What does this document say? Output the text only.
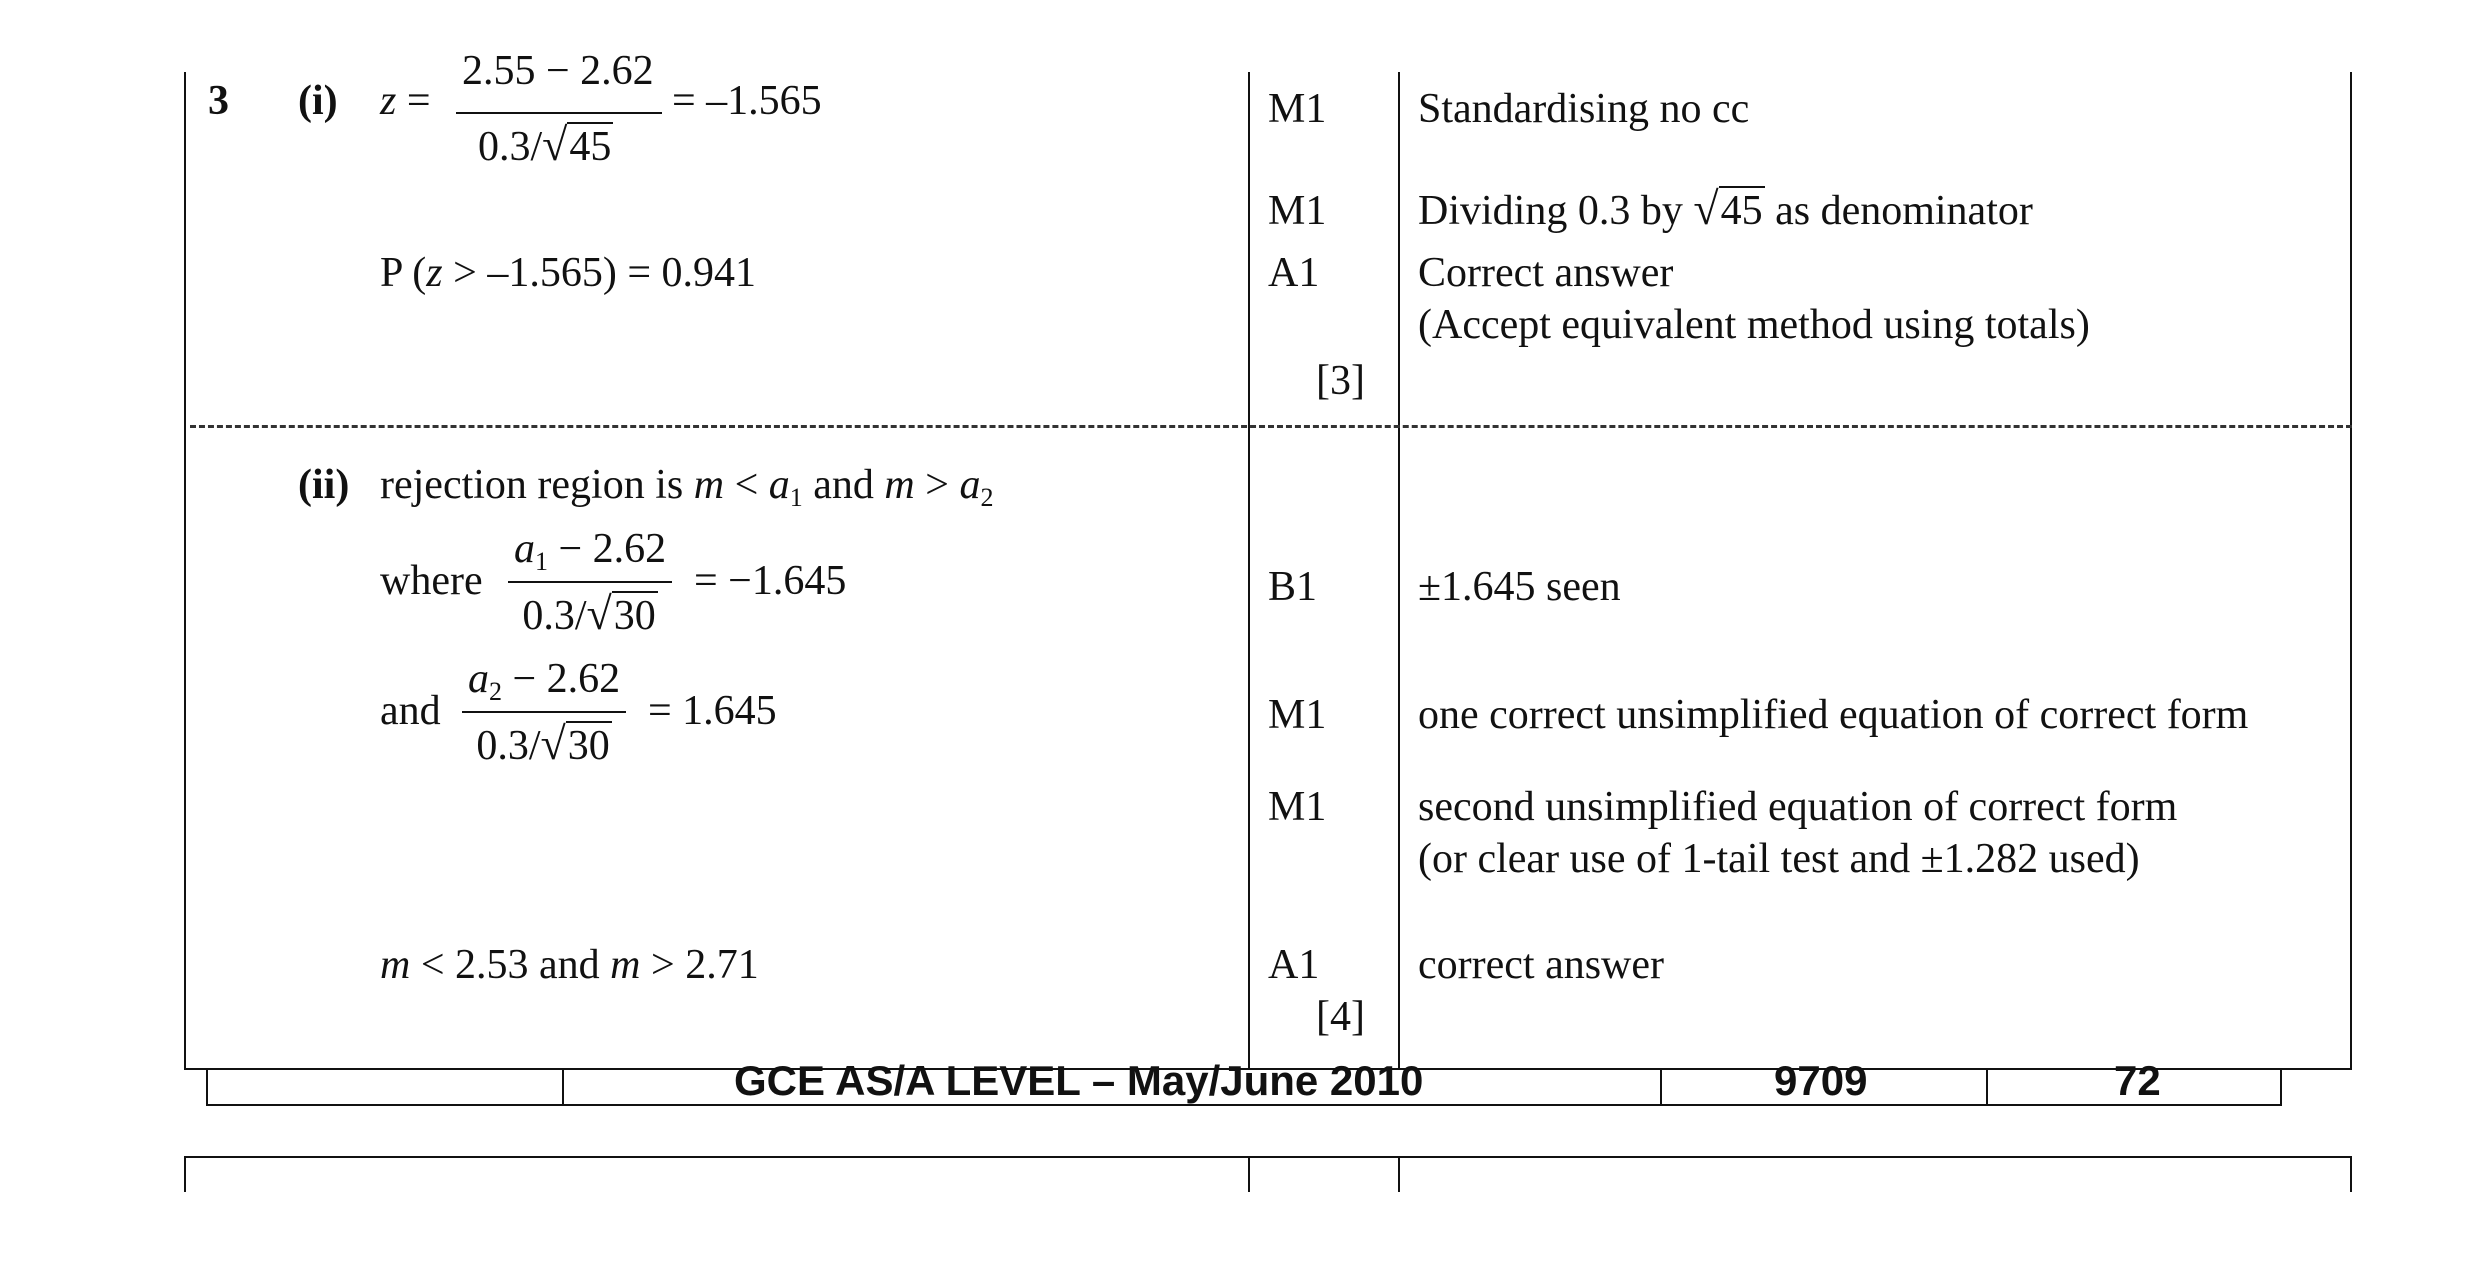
3 (i) z =
2.55 − 2.62
0.3/√45
= –1.565
P (z > –1.565) = 0.941
M1 Standardising no cc
M1 Dividing 0.3 by √45 as denominator
A1 Correct answer
(Accept equivalent method using totals)
[3]
(ii) rejection region is $m < a_1$ and $m > a_2$
where
$a_1 - 2.62$
0.3/√30
= −1.645
and
$a_2 - 2.62$
0.3/√30
= 1.645
m < 2.53 and m > 2.71
B1 ±1.645 seen
M1 one correct unsimplified equation of correct form
M1 second unsimplified equation of correct form
(or clear use of 1-tail test and ±1.282 used)
A1 correct answer
[4]
GCE AS/A LEVEL – May/June 2010	9709	72
